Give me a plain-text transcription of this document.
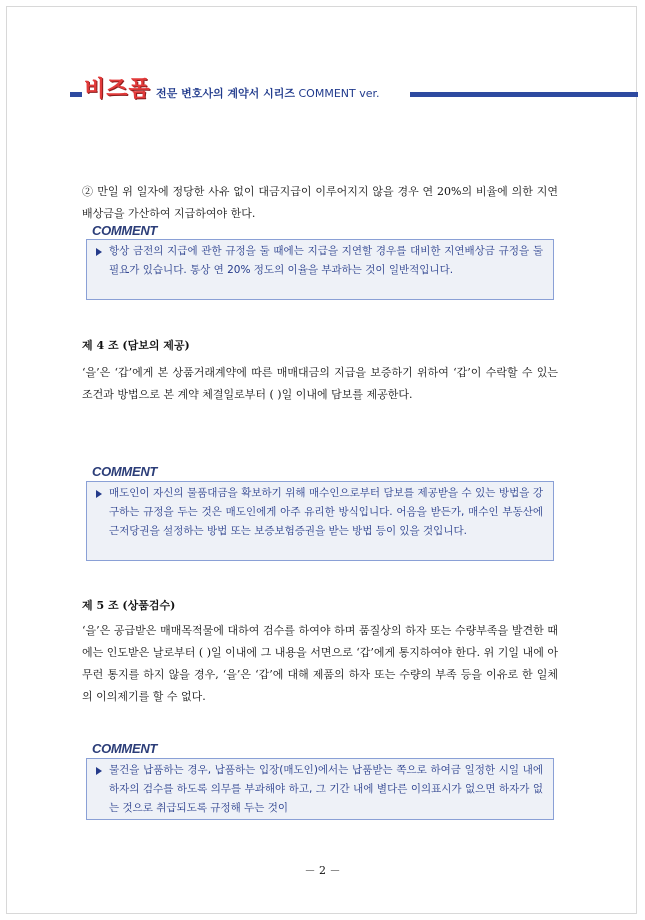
비즈폼 전문 변호사의 계약서 시리즈 COMMENT ver.
② 만일 위 일자에 정당한 사유 없이 대금지급이 이루어지지 않을 경우 연 20%의 비율에 의한 지연배상금을 가산하여 지급하여야 한다.
COMMENT
항상 금전의 지급에 관한 규정을 둘 때에는 지급을 지연할 경우를 대비한 지연배상금 규정을 둘 필요가 있습니다. 통상 연 20% 정도의 이율을 부과하는 것이 일반적입니다.
제 4 조 (담보의 제공)
‘을’은 ‘갑’에게 본 상품거래계약에 따른 매매대금의 지급을 보증하기 위하여 ‘갑’이 수락할 수 있는 조건과 방법으로 본 계약 체결일로부터 ( )일 이내에 담보를 제공한다.
COMMENT
매도인이 자신의 물품대금을 확보하기 위해 매수인으로부터 담보를 제공받을 수 있는 방법을 강구하는 규정을 두는 것은 매도인에게 아주 유리한 방식입니다. 어음을 받든가, 매수인 부동산에 근저당권을 설정하는 방법 또는 보증보험증권을 받는 방법 등이 있을 것입니다.
제 5 조 (상품검수)
‘을’은 공급받은 매매목적물에 대하여 검수를 하여야 하며 품질상의 하자 또는 수량부족을 발견한 때에는 인도받은 날로부터 ( )일 이내에 그 내용을 서면으로 ‘갑’에게 통지하여야 한다. 위 기일 내에 아무런 통지를 하지 않을 경우, ‘을’은 ‘갑’에 대해 제품의 하자 또는 수량의 부족 등을 이유로 한 일체의 이의제기를 할 수 없다.
COMMENT
물건을 납품하는 경우, 납품하는 입장(매도인)에서는 납품받는 쪽으로 하여금 일정한 시일 내에 하자의 검수를 하도록 의무를 부과해야 하고, 그 기간 내에 별다른 이의표시가 없으면 하자가 없는 것으로 취급되도록 규정해 두는 것이
－ 2 －
